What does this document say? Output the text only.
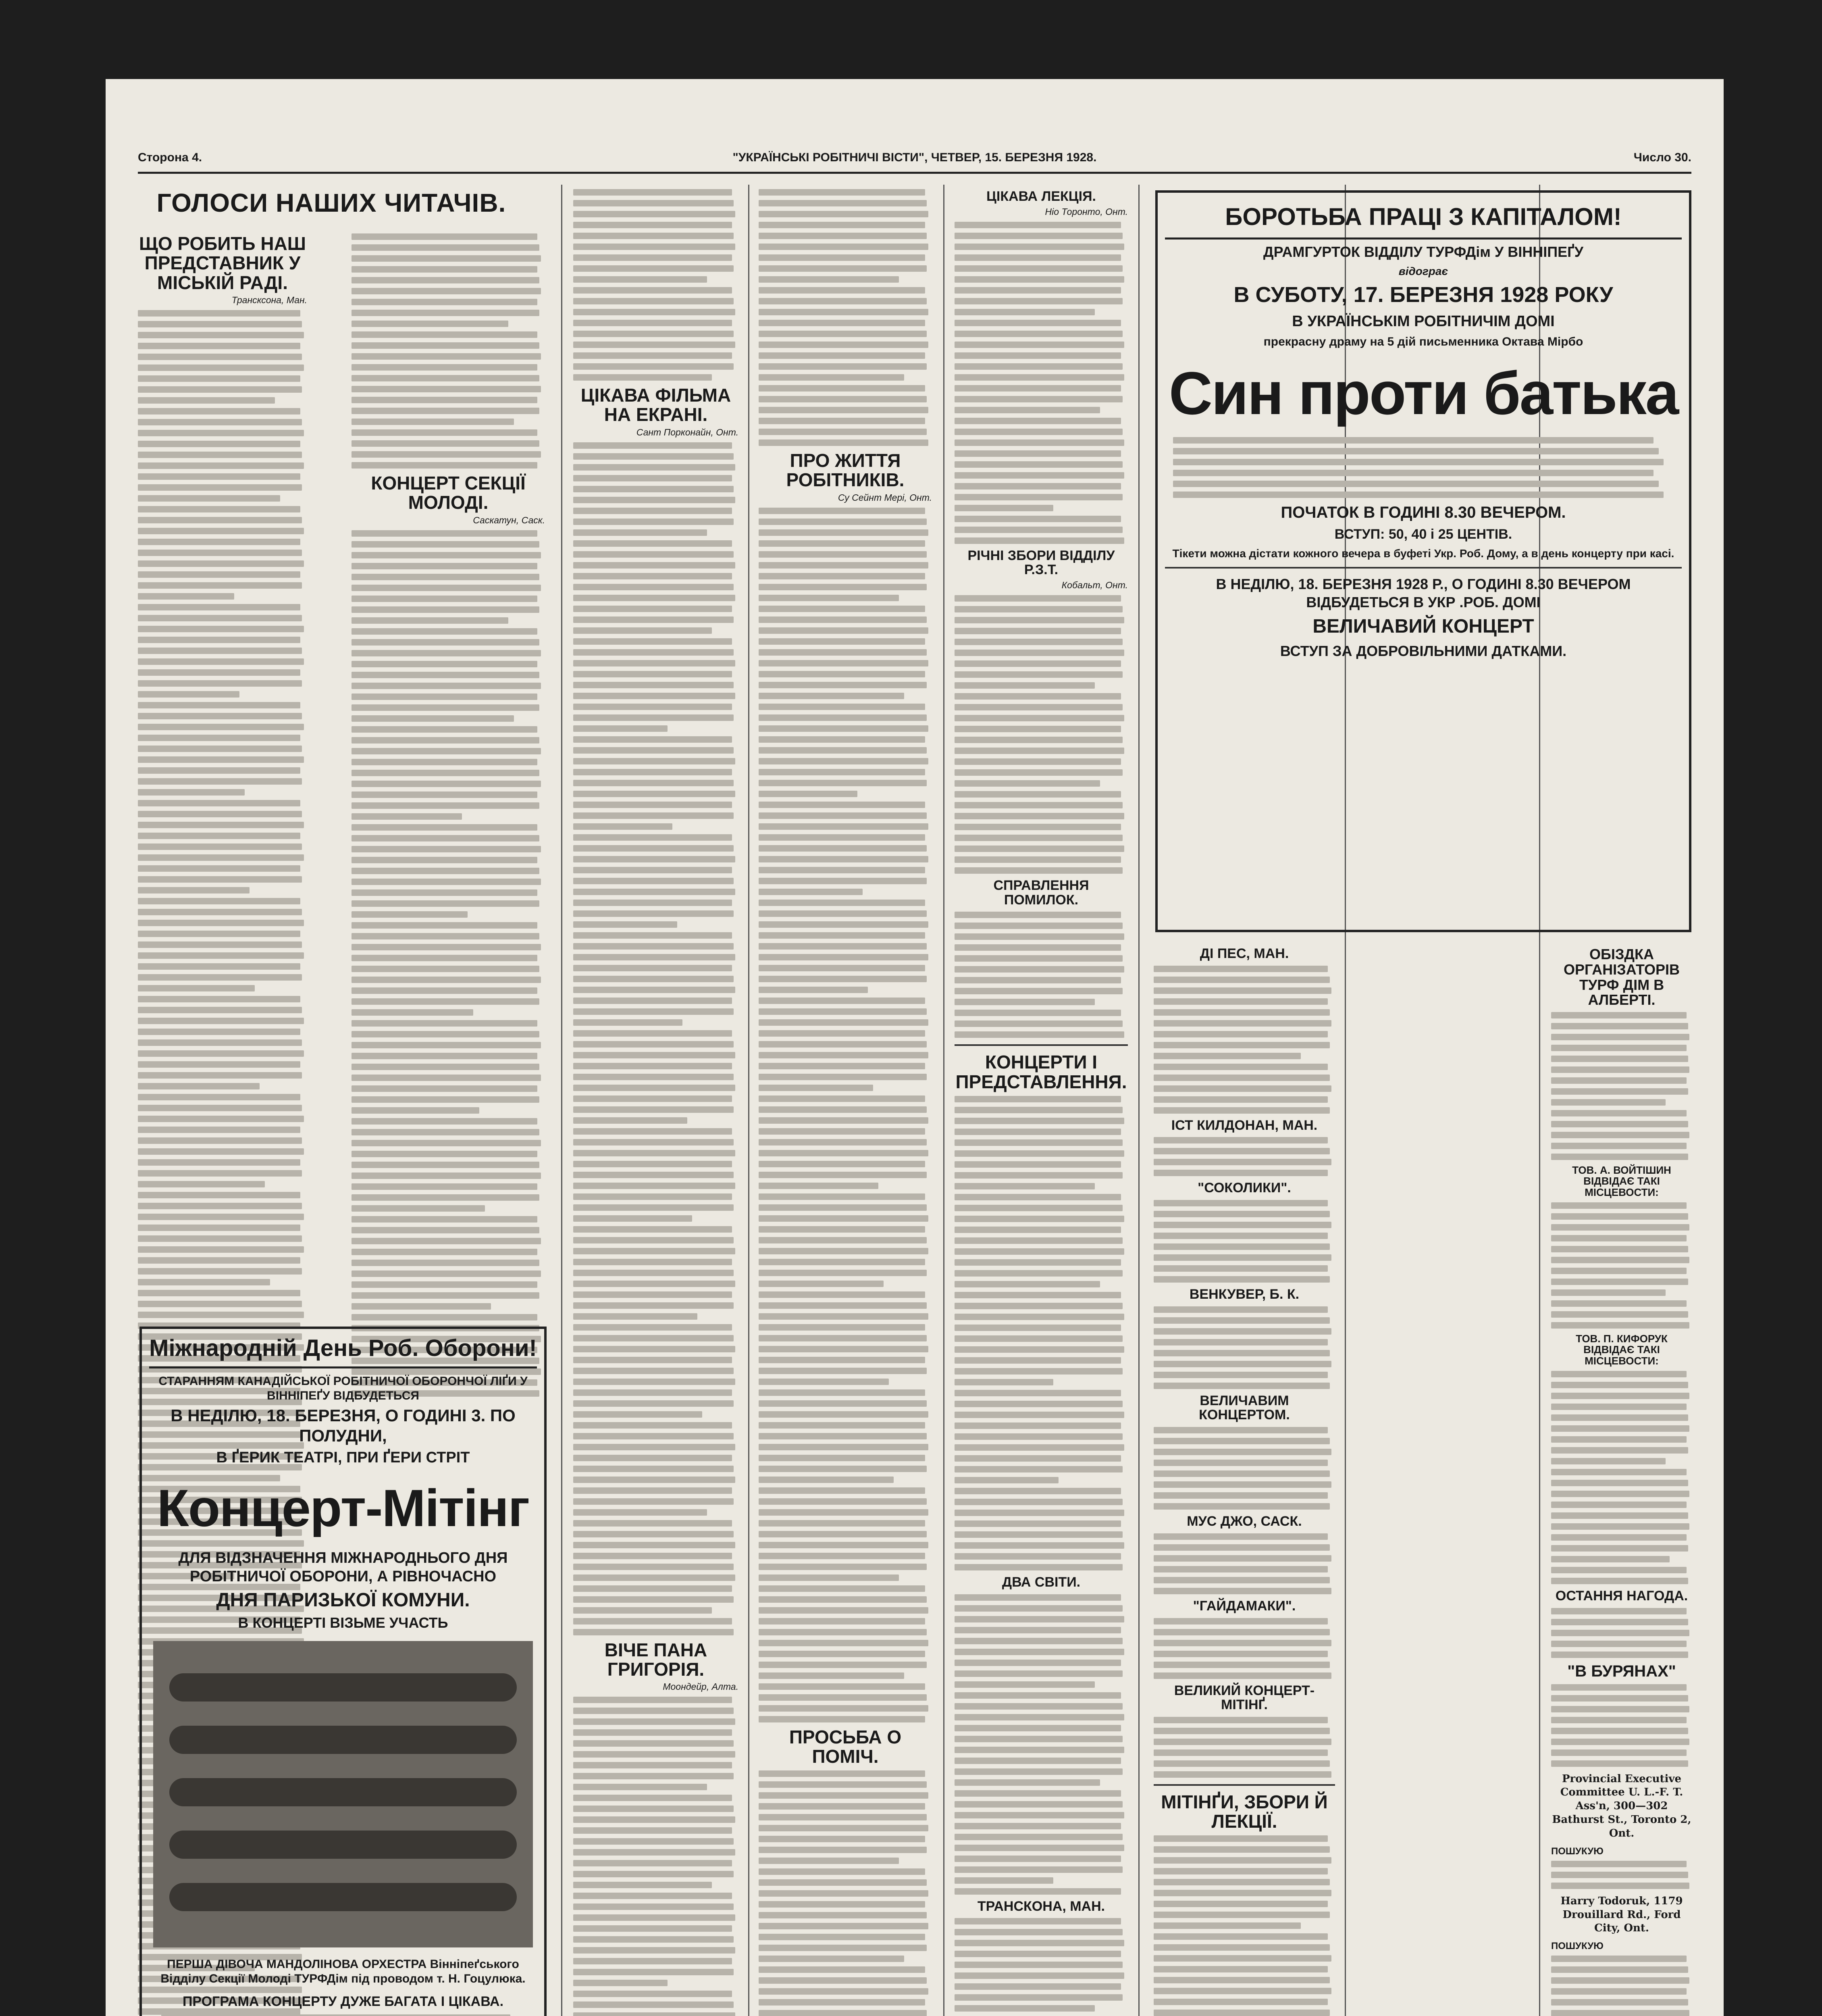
Сторона 4.	"УКРАЇНСЬКІ РОБІТНИЧІ ВІСТИ", ЧЕТВЕР, 15. БЕРЕЗНЯ 1928.	Число 30.
ГОЛОСИ НАШИХ ЧИТАЧІВ.
ЩО РОБИТЬ НАШ ПРЕДСТАВНИК У МІСЬКІЙ РАДІ.
Трансксона, Ман.
КОНЦЕРТ СЕКЦІЇ МОЛОДІ.
Саскатун, Саск.
Міжнародній День Роб. Оборони!
СТАРАННЯМ КАНАДІЙСЬКОЇ РОБІТНИЧОЇ ОБОРОНЧОЇ ЛІҐИ У ВІННІПЕҐУ ВІДБУДЕТЬСЯ
В НЕДІЛЮ, 18. БЕРЕЗНЯ, О ГОДИНІ 3. ПО ПОЛУДНИ,
В ҐЕРИК ТЕАТРІ, ПРИ ҐЕРИ СТРІТ
Концерт-Мітінг
ДЛЯ ВІДЗНАЧЕННЯ МІЖНАРОДНЬОГО ДНЯ РОБІТНИЧОЇ ОБОРОНИ, А РІВНОЧАСНО
ДНЯ ПАРИЗЬКОЇ КОМУНИ.
В КОНЦЕРТІ ВІЗЬМЕ УЧАСТЬ
ПЕРША ДІВОЧА МАНДОЛІНОВА ОРХЕСТРА Вінніпеґського Відділу Секції Молоді ТУРФДім під проводом т. Н. Гоцулюка.
ПРОГРАМА КОНЦЕРТУ ДУЖЕ БАГАТА І ЦІКАВА.
ЦІКАВА ФІЛЬМА НА ЕКРАНІ.
Сант Порконайн, Онт.
ВІЧЕ ПАНА ГРИГОРІЯ.
Моондейр, Алта.
ПРО ЖИТТЯ РОБІТНИКІВ.
Су Сейнт Мері, Онт.
ПРОСЬБА О ПОМІЧ.
ЦІКАВА ЛЕКЦІЯ.
Ніо Торонто, Онт.
РІЧНІ ЗБОРИ ВІДДІЛУ Р.З.Т.
Кобальт, Онт.
СПРАВЛЕННЯ ПОМИЛОК.
КОНЦЕРТИ І ПРЕДСТАВЛЕННЯ.
ДВА СВІТИ.
ТРАНСКОНА, МАН.
БОРОТЬБА ПРАЦІ З КАПІТАЛОМ!
ДРАМГУРТОК ВІДДІЛУ ТУРФДім У ВІННІПЕҐУ
відограє
В СУБОТУ, 17. БЕРЕЗНЯ 1928 РОКУ
В УКРАЇНСЬКІМ РОБІТНИЧІМ ДОМІ
прекрасну драму на 5 дій письменника Октава Мірбо
Син проти батька
ПОЧАТОК В ГОДИНІ 8.30 ВЕЧЕРОМ.
ВСТУП: 50, 40 і 25 ЦЕНТІВ.
Тікети можна дістати кожного вечера в буфеті Укр. Роб. Дому, а в день концерту при касі.
В НЕДІЛЮ, 18. БЕРЕЗНЯ 1928 Р., О ГОДИНІ 8.30 ВЕЧЕРОМ ВІДБУДЕТЬСЯ В УКР .РОБ. ДОМІ
ВЕЛИЧАВИЙ КОНЦЕРТ
ВСТУП ЗА ДОБРОВІЛЬНИМИ ДАТКАМИ.
ДІ ПЕС, МАН.
ІСТ КИЛДОНАН, МАН.
"СОКОЛИКИ".
ВЕНКУВЕР, Б. К.
ВЕЛИЧАВИМ КОНЦЕРТОМ.
МУС ДЖО, САСК.
"ГАЙДАМАКИ".
ВЕЛИКИЙ КОНЦЕРТ-МІТІНҐ.
МІТІНҐИ, ЗБОРИ Й ЛЕКЦІЇ.
ОБІЗДКА ОРГАНІЗАТОРІВ ТУРФ ДІМ В АЛБЕРТІ.
ТОВ. А. ВОЙТІШИН ВІДВІДАЄ ТАКІ МІСЦЕВОСТИ:
ТОВ. П. КИФОРУК ВІДВІДАЄ ТАКІ МІСЦЕВОСТИ:
ОСТАННЯ НАГОДА.
"В БУРЯНАХ"
Provincial Executive Committee U. L.-F. T. Ass'n, 300—302 Bathurst St., Toronto 2, Ont.
ПОШУКУЮ
Harry Todoruk, 1179 Drouillard Rd., Ford City, Ont.
ПОШУКУЮ
